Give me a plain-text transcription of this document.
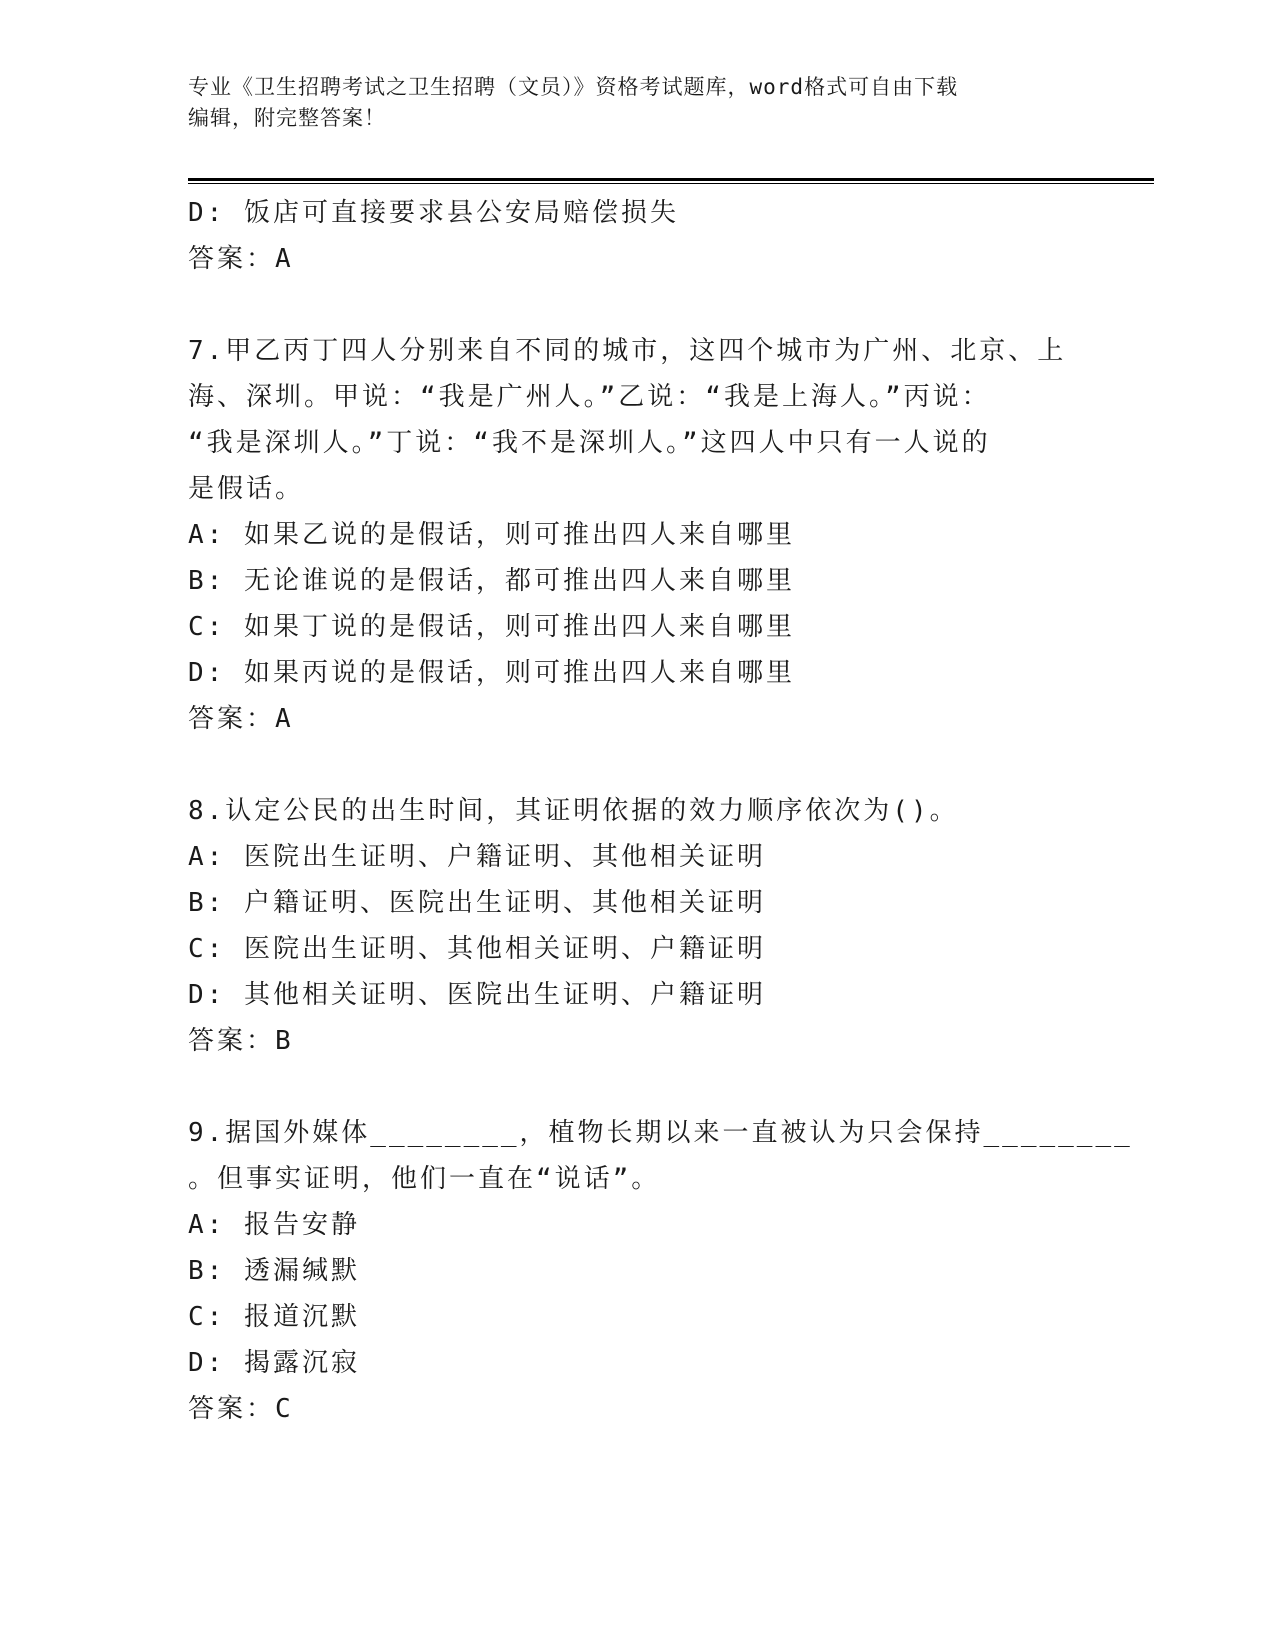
专业《卫生招聘考试之卫生招聘（文员）》资格考试题库，word格式可自由下载
编辑，附完整答案！
D: 饭店可直接要求县公安局赔偿损失
答案：A
7.甲乙丙丁四人分别来自不同的城市，这四个城市为广州、北京、上
海、深圳。甲说：“我是广州人。”乙说：“我是上海人。”丙说：
“我是深圳人。”丁说：“我不是深圳人。”这四人中只有一人说的
是假话。
A: 如果乙说的是假话，则可推出四人来自哪里
B: 无论谁说的是假话，都可推出四人来自哪里
C: 如果丁说的是假话，则可推出四人来自哪里
D: 如果丙说的是假话，则可推出四人来自哪里
答案：A
8.认定公民的出生时间，其证明依据的效力顺序依次为()。
A: 医院出生证明、户籍证明、其他相关证明
B: 户籍证明、医院出生证明、其他相关证明
C: 医院出生证明、其他相关证明、户籍证明
D: 其他相关证明、医院出生证明、户籍证明
答案：B
9.据国外媒体________，植物长期以来一直被认为只会保持________
。但事实证明，他们一直在“说话”。
A: 报告安静
B: 透漏缄默
C: 报道沉默
D: 揭露沉寂
答案：C
